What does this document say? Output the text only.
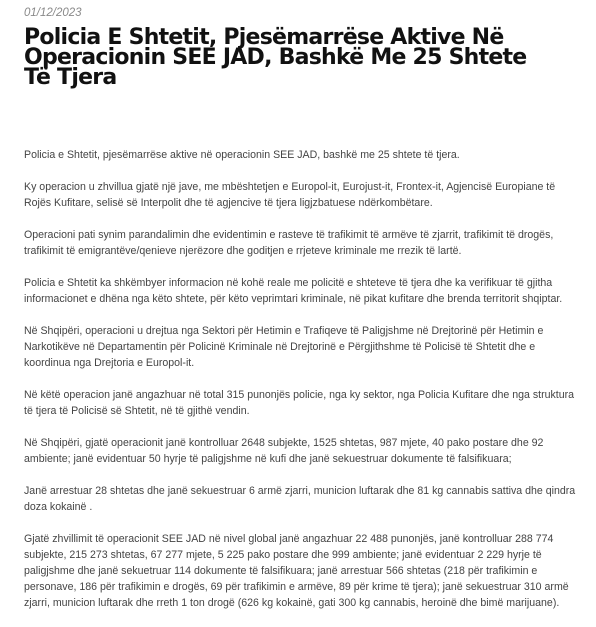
01/12/2023
Policia E Shtetit, Pjesëmarrëse Aktive Në
Operacionin SEE JAD, Bashkë Me 25 Shtete
Të Tjera

Policia e Shtetit, pjesëmarrëse aktive në operacionin SEE JAD, bashkë me 25 shtete të tjera.

Ky operacion u zhvillua gjatë një jave, me mbështetjen e Europol-it, Eurojust-it, Frontex-it, Agjencisë Europiane të
Rojës Kufitare, selisë së Interpolit dhe të agjencive të tjera ligjzbatuese ndërkombëtare.

Operacioni pati synim parandalimin dhe evidentimin e rasteve të trafikimit të armëve të zjarrit, trafikimit të drogës,
trafikimit të emigrantëve/qenieve njerëzore dhe goditjen e rrjeteve kriminale me rrezik të lartë.

Policia e Shtetit ka shkëmbyer informacion në kohë reale me policitë e shteteve të tjera dhe ka verifikuar të gjitha
informacionet e dhëna nga këto shtete, për këto veprimtari kriminale, në pikat kufitare dhe brenda territorit shqiptar.

Në Shqipëri, operacioni u drejtua nga Sektori për Hetimin e Trafiqeve të Paligjshme në Drejtorinë për Hetimin e
Narkotikëve në Departamentin për Policinë Kriminale në Drejtorinë e Përgjithshme të Policisë të Shtetit dhe e
koordinua nga Drejtoria e Europol-it.

Në këtë operacion janë angazhuar në total 315 punonjës policie, nga ky sektor, nga Policia Kufitare dhe nga struktura
të tjera të Policisë së Shtetit, në të gjithë vendin.

Në Shqipëri, gjatë operacionit janë kontrolluar 2648 subjekte, 1525 shtetas, 987 mjete, 40 pako postare dhe 92
ambiente; janë evidentuar 50 hyrje të paligjshme në kufi dhe janë sekuestruar dokumente të falsifikuara;

Janë arrestuar 28 shtetas dhe janë sekuestruar 6 armë zjarri, municion luftarak dhe 81 kg cannabis sattiva dhe qindra
doza kokainë .

Gjatë zhvillimit të operacionit SEE JAD në nivel global janë angazhuar 22 488 punonjës, janë kontrolluar 288 774
subjekte, 215 273 shtetas, 67 277 mjete, 5 225 pako postare dhe 999 ambiente; janë evidentuar 2 229 hyrje të
paligjshme dhe janë sekuetruar 114 dokumente të falsifikuara; janë arrestuar 566 shtetas (218 për trafikimin e
personave, 186 për trafikimin e drogës, 69 për trafikimin e armëve, 89 për krime të tjera); janë sekuestruar 310 armë
zjarri, municion luftarak dhe rreth 1 ton drogë (626 kg kokainë, gati 300 kg cannabis, heroinë dhe bimë marijuane).
